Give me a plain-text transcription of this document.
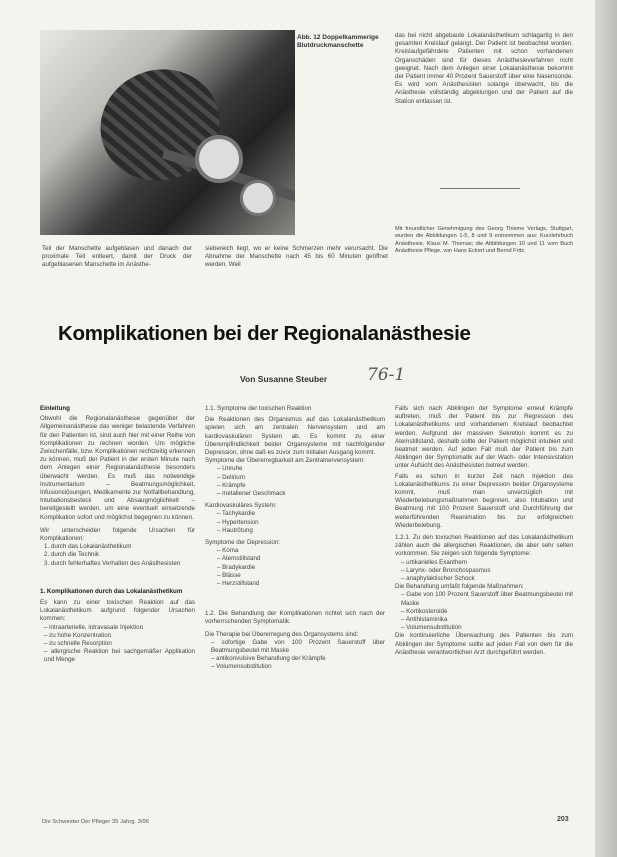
Abb. 12 Doppelkammerige Blutdruckmanschette
das bei nicht abgebaute Lokalanästhetikum schlagartig in den gesamten Kreislauf gelangt. Der Patient ist beobachtet worden. Kreislaufgefährdete Patienten mit schon vorhandenen Organschäden sind für dieses Anästhesieverfahren nicht geeignet. Nach dem Anlegen einer Lokalanästhesie bekommt der Patient immer 40 Prozent Sauerstoff über eine Nasensonde. Es wird vom Anästhesisten solange überwacht, bis die Anästhesie vollständig abgeklungen und der Patient auf die Station entlassen ist.
Mit freundlicher Genehmigung des Georg Thieme Verlags, Stuttgart, wurden die Abbildungen 1-5, 8 und 9 entnommen aus: Kurzlehrbuch Anästhesie, Klaus M. Thomas; die Abbildungen 10 und 11 vom Buch Anästhesie Pflege, von Hans Eckert und Bernd Fritz.
Teil der Manschette aufgeblasen und danach der proximale Teil entleert, damit der Druck der aufgeblasenen Manschette im Anästhe-
siebereich liegt, wo er keine Schmerzen mehr verursacht. Die Abnahme der Manschette nach 45 bis 60 Minuten geöffnet werden. Weil
Komplikationen bei der Regionalanästhesie
Von Susanne Steuber 76-1
Einleitung
Obwohl die Regionalanästhesie gegenüber der Allgemeinanästhesie das weniger belastende Verfahren für den Patienten ist, sind auch hier mit einer Reihe von Komplikationen zu rechnen worden. Um mögliche Zwischenfälle, bzw. Komplikationen rechtzeitig erkennen zu können, muß der Patient in der ersten Minute nach dem Anlegen einer Regionalanästhesie besonders überwacht werden. Es muß das notwendige Instrumentarium – Beatmungsmöglichkeit, Infusionslösungen, Medikamente zur Notfallbehandlung, Intubationsbesteck und Absaugmöglichkeit – bereitgestellt werden, um eine eventuell einsetzende Komplikation sofort und möglichst begegnen zu können.
Wir unterscheiden folgende Ursachen für Komplikationen:
1. durch das Lokalanästhetikum
2. durch die Technik
3. durch fehlerhaftes Verhalten des Anästhesisten
1. Komplikationen durch das Lokalanästhetikum
Es kann zu einer toxischen Reaktion auf das Lokalanästhetikum aufgrund folgender Ursachen kommen:
– intraarterielle, intravasale Injektion
– zu hohe Konzentration
– zu schnelle Resorption
– allergische Reaktion bei sachgemäßer Applikation und Menge
1.1. Symptome der toxischen Reaktion
Die Reaktionen des Organismus auf das Lokalanästhetikum spielen sich am zentralen Nervensystem und am kardiovaskulären System ab. Es kommt zu einer Überempfindlichkeit beider Organsysteme mit nachfolgender Depression, ohne daß es zuvor zum Initialen Ausgang kommt.
Symptome der Übererregbarkeit am Zentralnervensystem:
– Unruhe
– Delirium
– Krämpfe
– metallener Geschmack
Kardiovaskuläres System:
– Tachykardie
– Hypertension
– Hautrötung
Symptome der Depression:
– Koma
– Atemstillstand
– Bradykardie
– Blässe
– Herzstillstand
1.2. Die Behandlung der Komplikationen richtet sich nach der vorherrschenden Symptomatik.
Die Therapie bei Übererregung des Organsystems sind:
– sofortige Gabe von 100 Prozent Sauerstoff über Beatmungsbeutel mit Maske
– antikonvulsive Behandlung der Krämpfe
– Volumensubstitution
Falls sich nach Abklingen der Symptome erneut Krämpfe auftreten, muß der Patient bis zur Regression des Lokalanästhetikums und vorhandenem Kreislauf beobachtet werden. Aufgrund der massiven Sekretion kommt es zu Atemstillstand, deshalb sollte der Patient möglichst intubiert und beatmet werden. Auf jeden Fall muß der Patient bis zum Abklingen der Symptomatik auf der Wach- oder Intensivstation unter Aufsicht des Anästhesisten betreut werden.
Falls es schon in kurzer Zeit nach Injektion des Lokalanästhetikums zu einer Depression beider Organsysteme kommt, muß man unverzüglich mit Wiederbelebungsmaßnahmen beginnen, also Intubation und Beatmung mit 100 Prozent Sauerstoff und Durchführung der weiterführenden Reanimation bis zur erfolgreichen Wiederbelebung.
1.2.1. Zu den toxischen Reaktionen auf das Lokalanästhetikum zählen auch die allergischen Reaktionen, die aber sehr selten vorkommen. Sie zeigen sich folgende Symptome:
– urtikarielles Exanthem
– Larynx- oder Bronchospasmus
– anaphylaktischer Schock
Die Behandlung umfaßt folgende Maßnahmen:
– Gabe von 100 Prozent Sauerstoff über Beatmungsbeutel mit Maske
– Kortikosteroide
– Antihistaminika
– Volumensubstitution
Die kontinuierliche Überwachung des Patienten bis zum Abklingen der Symptome sollte auf jeden Fall von dem für die Anästhesie verantwortlichen Arzt durchgeführt werden.
Die Schwester Der Pfleger 35 Jahrg. 3/96	203
